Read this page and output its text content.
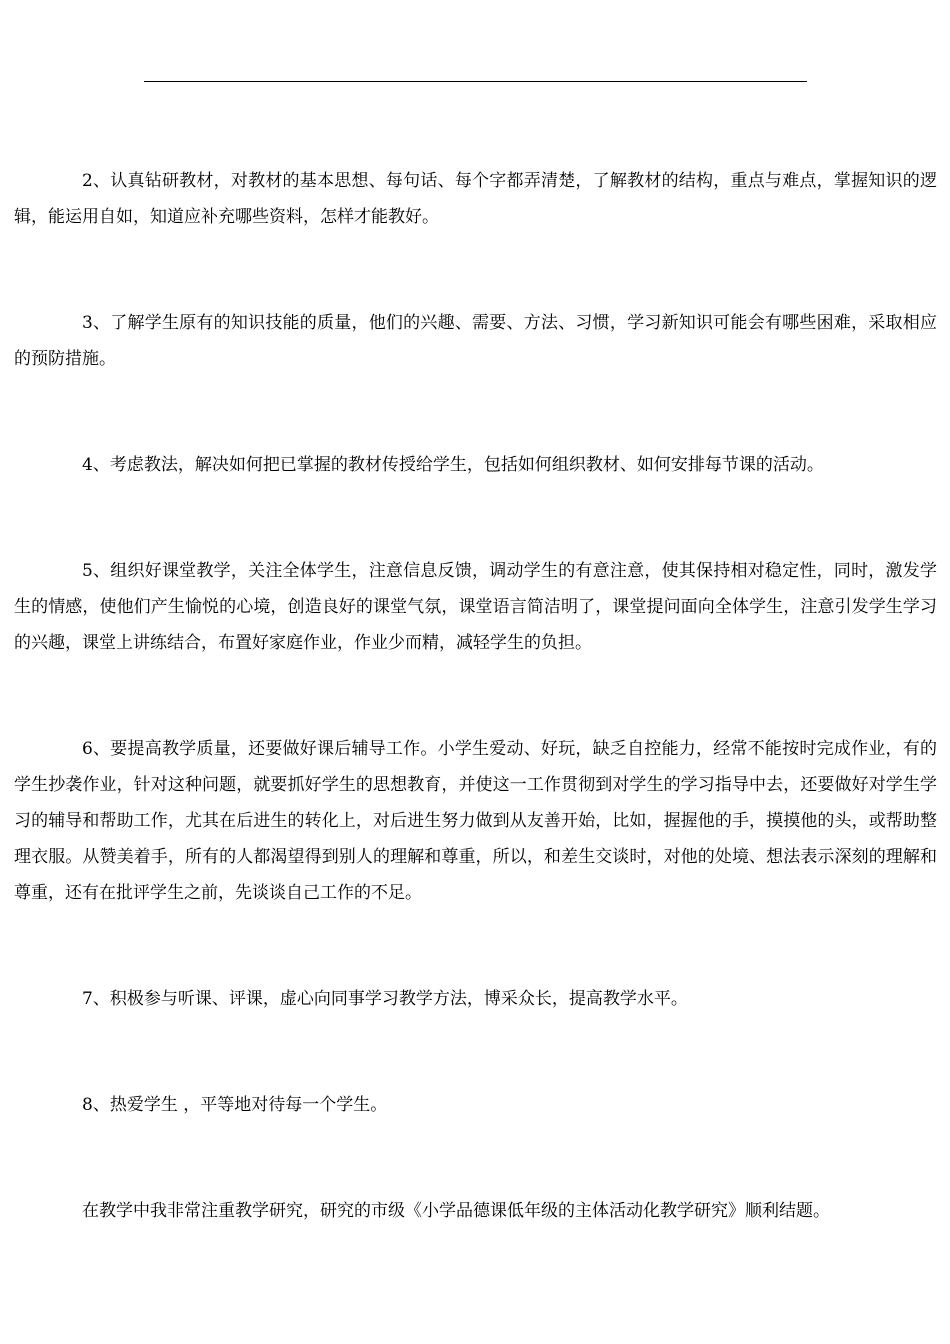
2、认真钻研教材，对教材的基本思想、每句话、每个字都弄清楚，了解教材的结构，重点与难点，掌握知识的逻辑，能运用自如，知道应补充哪些资料，怎样才能教好。

3、了解学生原有的知识技能的质量，他们的兴趣、需要、方法、习惯，学习新知识可能会有哪些困难，采取相应的预防措施。

4、考虑教法，解决如何把已掌握的教材传授给学生，包括如何组织教材、如何安排每节课的活动。

5、组织好课堂教学，关注全体学生，注意信息反馈，调动学生的有意注意，使其保持相对稳定性，同时，激发学生的情感，使他们产生愉悦的心境，创造良好的课堂气氛，课堂语言简洁明了，课堂提问面向全体学生，注意引发学生学习的兴趣，课堂上讲练结合，布置好家庭作业，作业少而精，减轻学生的负担。

6、要提高教学质量，还要做好课后辅导工作。小学生爱动、好玩，缺乏自控能力，经常不能按时完成作业，有的学生抄袭作业，针对这种问题，就要抓好学生的思想教育，并使这一工作贯彻到对学生的学习指导中去，还要做好对学生学习的辅导和帮助工作，尤其在后进生的转化上，对后进生努力做到从友善开始，比如，握握他的手，摸摸他的头，或帮助整理衣服。从赞美着手，所有的人都渴望得到别人的理解和尊重，所以，和差生交谈时，对他的处境、想法表示深刻的理解和尊重，还有在批评学生之前，先谈谈自己工作的不足。

7、积极参与听课、评课，虚心向同事学习教学方法，博采众长，提高教学水平。

8、热爱学生 ，平等地对待每一个学生。

在教学中我非常注重教学研究，研究的市级《小学品德课低年级的主体活动化教学研究》顺利结题。
